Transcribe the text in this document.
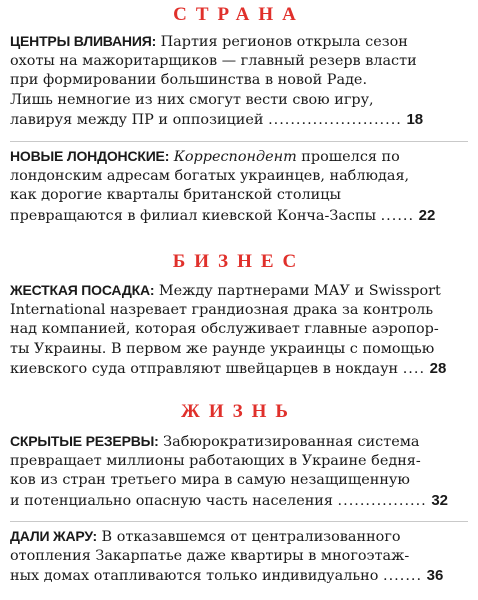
СТРАНА
ЦЕНТРЫ ВЛИВАНИЯ: Партия регионов открыла сезон
охоты на мажоритарщиков — главный резерв власти
при формировании большинства в новой Раде.
Лишь немногие из них смогут вести свою игру,
лавируя между ПР и оппозицией ........................ 18
НОВЫЕ ЛОНДОНСКИЕ: Корреспондент прошелся по
лондонским адресам богатых украинцев, наблюдая,
как дорогие кварталы британской столицы
превращаются в филиал киевской Конча-Заспы ...... 22
БИЗНЕС
ЖЕСТКАЯ ПОСАДКА: Между партнерами МАУ и Swissport
International назревает грандиозная драка за контроль
над компанией, которая обслуживает главные аэропор-
ты Украины. В первом же раунде украинцы с помощью
киевского суда отправляют швейцарцев в нокдаун .... 28
ЖИЗНЬ
СКРЫТЫЕ РЕЗЕРВЫ: Забюрократизированная система
превращает миллионы работающих в Украине бедня-
ков из стран третьего мира в самую незащищенную
и потенциально опасную часть населения ................ 32
ДАЛИ ЖАРУ: В отказавшемся от централизованного
отопления Закарпатье даже квартиры в многоэтаж-
ных домах отапливаются только индивидуально ....... 36
